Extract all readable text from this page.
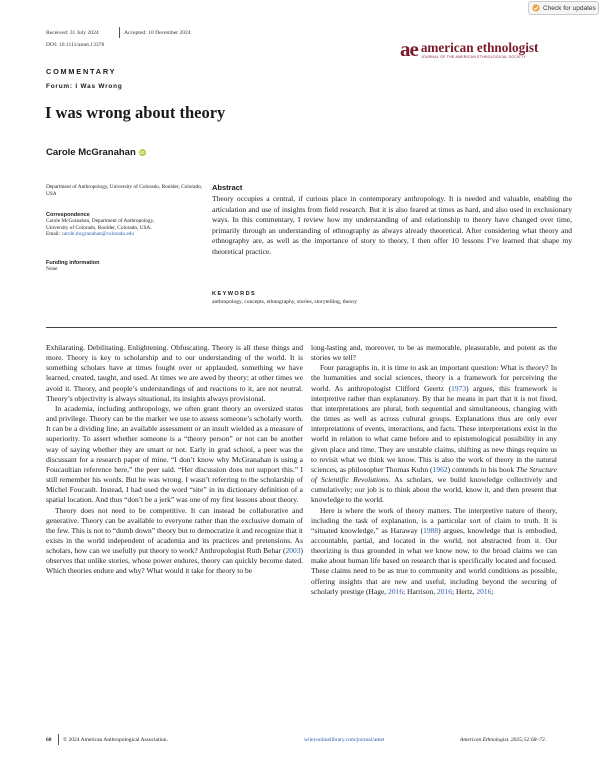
Received: 31 July 2024	Accepted: 10 December 2024
DOI: 10.1111/amet.13378
Check for updates
ae american ethnologist
JOURNAL OF THE AMERICAN ETHNOLOGICAL SOCIETY
COMMENTARY
Forum: I Was Wrong
I was wrong about theory
Carole McGranahan iD
Department of Anthropology, University of Colorado, Boulder, Colorado, USA
Correspondence
Carole McGranahan, Department of Anthropology,
University of Colorado, Boulder, Colorado, USA.
Email: carole.mcgranahan@colorado.edu
Funding information
None
Abstract
Theory occupies a central, if curious place in contemporary anthropology. It is needed and valuable, enabling the articulation and use of insights from field research. But it is also feared at times as hard, and also used in exclusionary ways. In this commentary, I review how my understanding of and relationship to theory have changed over time, primarily through an understanding of ethnography as always already theoretical. After considering what theory and ethnography are, as well as the importance of story to theory, I then offer 10 lessons I’ve learned that shape my theoretical practice.
KEYWORDS
anthropology, concepts, ethnography, stories, storytelling, theory

Exhilarating. Debilitating. Enlightening. Obfuscating. Theory is all these things and more. Theory is key to scholarship and to our understanding of the world. It is something scholars have at times fought over or applauded, something we have learned, created, taught, and used. At times we are awed by theory; at other times we avoid it. Theory, and people’s understandings of and reactions to it, are not neutral. Theory’s objectivity is always situational, its insights always provisional.

In academia, including anthropology, we often grant theory an oversized status and privilege. Theory can be the marker we use to assess someone’s scholarly worth. It can be a dividing line, an available assessment or an insult wielded as a measure of superiority. To assert whether someone is a “theory person” or not can be another way of saying whether they are smart or not. Early in grad school, a peer was the discussant for a research paper of mine. “I don’t know why McGranahan is using a Foucaultian reference here,” the peer said. “Her discussion does not support this.” I still remember his words. But he was wrong. I wasn’t referring to the scholarship of Michel Foucault. Instead, I had used the word “site” in its dictionary definition of a spatial location. And thus “don’t be a jerk” was one of my first lessons about theory.

Theory does not need to be competitive. It can instead be collaborative and generative. Theory can be available to everyone rather than the exclusive domain of the few. This is not to “dumb down” theory but to democratize it and recognize that it exists in the world independent of academia and its practices and pretensions. As scholars, how can we usefully put theory to work? Anthropologist Ruth Behar (2003) observes that unlike stories, whose power endures, theory can quickly become dated. Which theories endure and why? What would it take for theory to be

long-lasting and, moreover, to be as memorable, pleasurable, and potent as the stories we tell?

Four paragraphs in, it is time to ask an important question: What is theory? In the humanities and social sciences, theory is a framework for perceiving the world. As anthropologist Clifford Geertz (1973) argues, this framework is interpretive rather than explanatory. By that he means in part that it is not fixed, that interpretations are plural, both sequential and simultaneous, changing with the times as well as across cultural groups. Explanations thus are only ever interpretations of events, interactions, and facts. These interpretations exist in the world in relation to what came before and to epistemological possibility in any given place and time. They are unstable claims, shifting as new things require us to revisit what we think we know. This is also the work of theory in the natural sciences, as philosopher Thomas Kuhn (1962) contends in his book The Structure of Scientific Revolutions. As scholars, we build knowledge collectively and cumulatively; our job is to think about the world, know it, and then present that knowledge to the world.

Here is where the work of theory matters. The interpretive nature of theory, including the task of explanation, is a particular sort of claim to truth. It is “situated knowledge,” as Haraway (1988) argues, knowledge that is embodied, accountable, partial, and located in the world, not abstracted from it. Our theorizing is thus grounded in what we know now, to the broad claims we can make about human life based on research that is specifically located and focused. These claims need to be as true to community and world conditions as possible, offering insights that are new and useful, including beyond the securing of scholarly prestige (Hage, 2016; Harrison, 2016; Hertz, 2016;

68 © 2024 American Anthropological Association.	wileyonlinelibrary.com/journal/amet	American Ethnologist. 2025;52:68–72.
